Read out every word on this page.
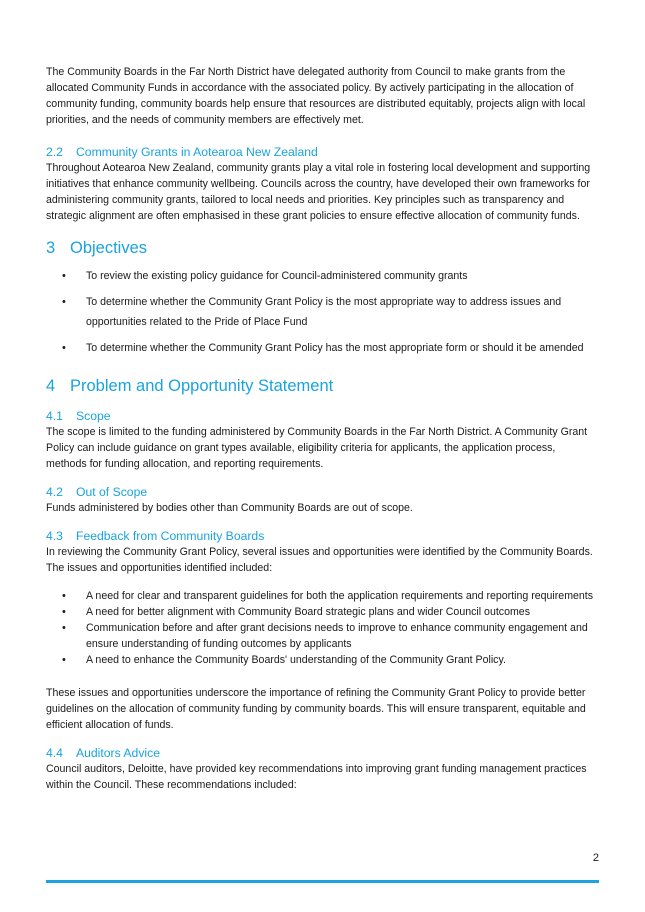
The Community Boards in the Far North District have delegated authority from Council to make grants from the allocated Community Funds in accordance with the associated policy. By actively participating in the allocation of community funding, community boards help ensure that resources are distributed equitably, projects align with local priorities, and the needs of community members are effectively met.

2.2 Community Grants in Aotearoa New Zealand

Throughout Aotearoa New Zealand, community grants play a vital role in fostering local development and supporting initiatives that enhance community wellbeing. Councils across the country, have developed their own frameworks for administering community grants, tailored to local needs and priorities. Key principles such as transparency and strategic alignment are often emphasised in these grant policies to ensure effective allocation of community funds.

3 Objectives
• To review the existing policy guidance for Council-administered community grants
• To determine whether the Community Grant Policy is the most appropriate way to address issues and opportunities related to the Pride of Place Fund
• To determine whether the Community Grant Policy has the most appropriate form or should it be amended
4 Problem and Opportunity Statement
4.1 Scope

The scope is limited to the funding administered by Community Boards in the Far North District. A Community Grant Policy can include guidance on grant types available, eligibility criteria for applicants, the application process, methods for funding allocation, and reporting requirements.

4.2 Out of Scope

Funds administered by bodies other than Community Boards are out of scope.

4.3 Feedback from Community Boards

In reviewing the Community Grant Policy, several issues and opportunities were identified by the Community Boards. The issues and opportunities identified included:

• A need for clear and transparent guidelines for both the application requirements and reporting requirements
• A need for better alignment with Community Board strategic plans and wider Council outcomes
• Communication before and after grant decisions needs to improve to enhance community engagement and ensure understanding of funding outcomes by applicants
• A need to enhance the Community Boards' understanding of the Community Grant Policy.

These issues and opportunities underscore the importance of refining the Community Grant Policy to provide better guidelines on the allocation of community funding by community boards. This will ensure transparent, equitable and efficient allocation of funds.

4.4 Auditors Advice

Council auditors, Deloitte, have provided key recommendations into improving grant funding management practices within the Council. These recommendations included:

2
